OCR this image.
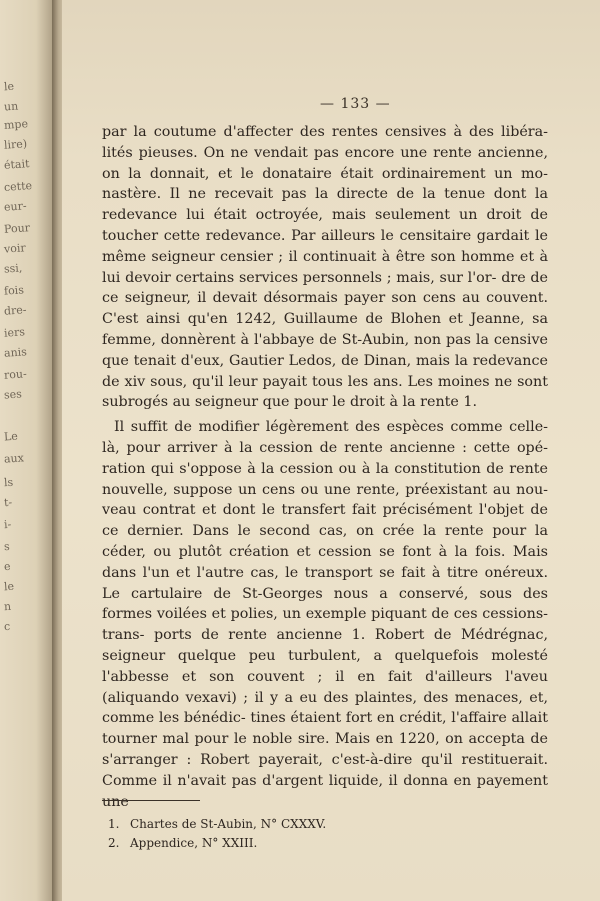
le
un
mpe
lire)
était
cette
eur-
Pour
voir
ssi,
fois
dre-
iers
anis
rou-
ses
Le
aux
ls
t-
i-
s
e
le
n
c
— 133 —

par la coutume d'affecter des rentes censives à des libéra- lités pieuses. On ne vendait pas encore une rente ancienne, on la donnait, et le donataire était ordinairement un mo- nastère. Il ne recevait pas la directe de la tenue dont la redevance lui était octroyée, mais seulement un droit de toucher cette redevance. Par ailleurs le censitaire gardait le même seigneur censier ; il continuait à être son homme et à lui devoir certains services personnels ; mais, sur l'or- dre de ce seigneur, il devait désormais payer son cens au couvent. C'est ainsi qu'en 1242, Guillaume de Blohen et Jeanne, sa femme, donnèrent à l'abbaye de St-Aubin, non pas la censive que tenait d'eux, Gautier Ledos, de Dinan, mais la redevance de xiv sous, qu'il leur payait tous les ans. Les moines ne sont subrogés au seigneur que pour le droit à la rente 1.

Il suffit de modifier légèrement des espèces comme celle- là, pour arriver à la cession de rente ancienne : cette opé- ration qui s'oppose à la cession ou à la constitution de rente nouvelle, suppose un cens ou une rente, préexistant au nou- veau contrat et dont le transfert fait précisément l'objet de ce dernier. Dans le second cas, on crée la rente pour la céder, ou plutôt création et cession se font à la fois. Mais dans l'un et l'autre cas, le transport se fait à titre onéreux. Le cartulaire de St-Georges nous a conservé, sous des formes voilées et polies, un exemple piquant de ces cessions-trans- ports de rente ancienne 1. Robert de Médrégnac, seigneur quelque peu turbulent, a quelquefois molesté l'abbesse et son couvent ; il en fait d'ailleurs l'aveu (aliquando vexavi) ; il y a eu des plaintes, des menaces, et, comme les bénédic- tines étaient fort en crédit, l'affaire allait tourner mal pour le noble sire. Mais en 1220, on accepta de s'arranger : Robert payerait, c'est-à-dire qu'il restituerait. Comme il n'avait pas d'argent liquide, il donna en payement une

1. Chartes de St-Aubin, N° CXXXV.
2. Appendice, N° XXIII.
